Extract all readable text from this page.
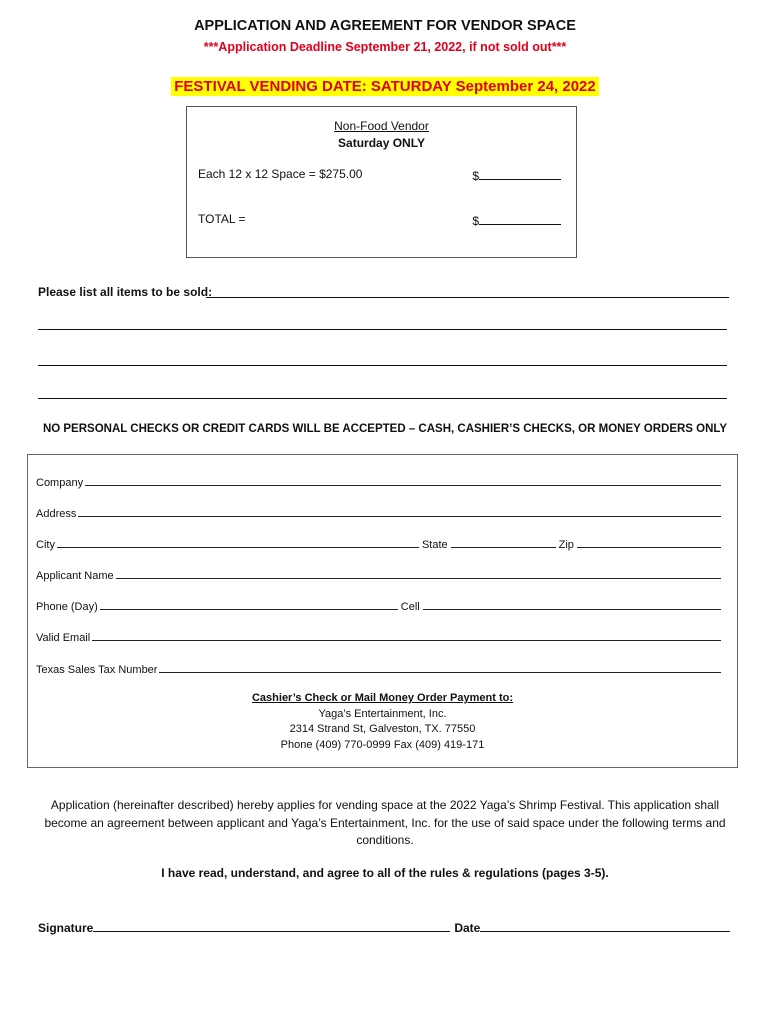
APPLICATION AND AGREEMENT FOR VENDOR SPACE
***Application Deadline September 21, 2022, if not sold out***
FESTIVAL VENDING DATE: SATURDAY September 24, 2022
Non-Food Vendor
Saturday ONLY
Each 12 x 12 Space = $275.00	$
TOTAL =	$
Please list all items to be sold:
NO PERSONAL CHECKS OR CREDIT CARDS WILL BE ACCEPTED – CASH, CASHIER’S CHECKS, OR MONEY ORDERS ONLY
Company
Address
City	State	Zip
Applicant Name
Phone (Day)	Cell
Valid Email
Texas Sales Tax Number
Cashier’s Check or Mail Money Order Payment to:
Yaga’s Entertainment, Inc.
2314 Strand St, Galveston, TX. 77550
Phone (409) 770-0999 Fax (409) 419-171
Application (hereinafter described) hereby applies for vending space at the 2022 Yaga’s Shrimp Festival. This application shall become an agreement between applicant and Yaga’s Entertainment, Inc. for the use of said space under the following terms and conditions.
I have read, understand, and agree to all of the rules & regulations (pages 3-5).
Signature	Date
